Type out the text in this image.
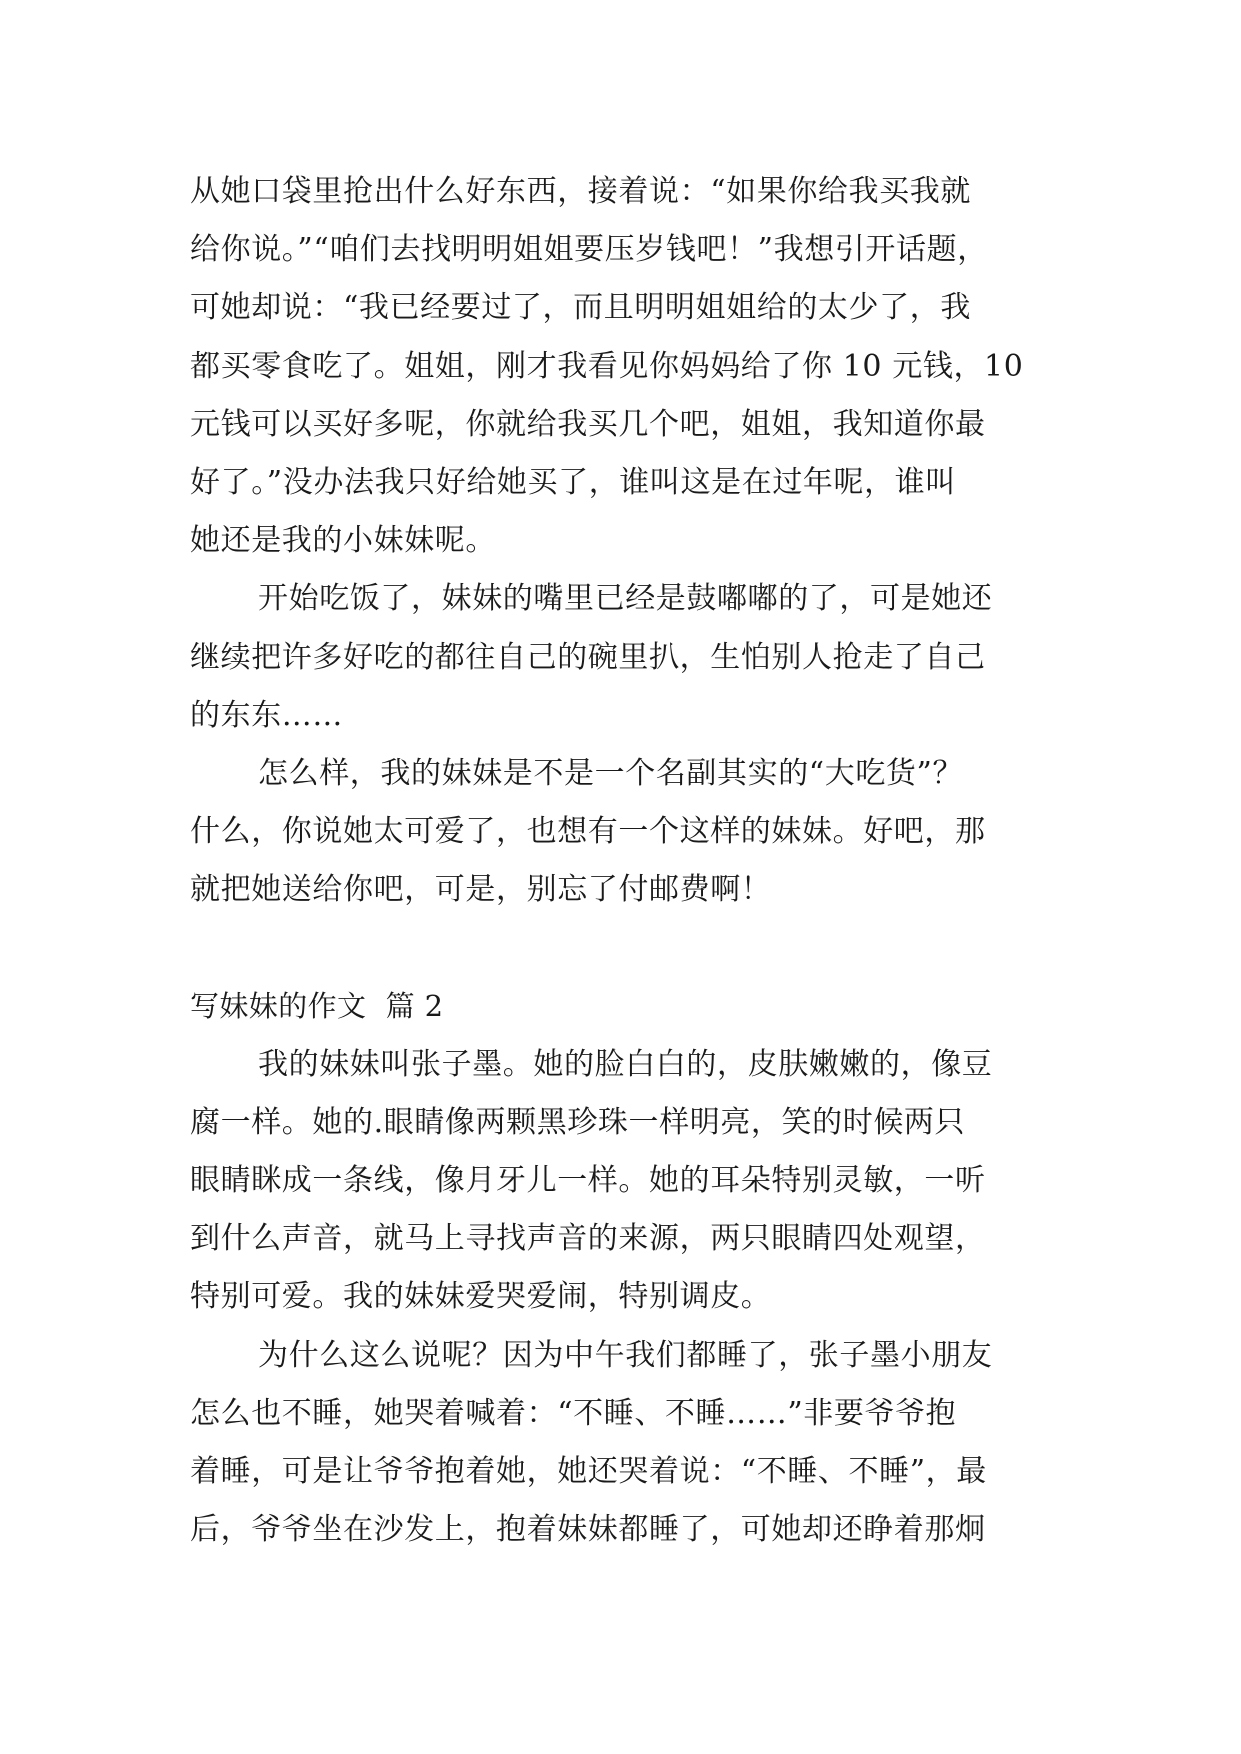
从她口袋里抢出什么好东西，接着说：“如果你给我买我就
给你说。”“咱们去找明明姐姐要压岁钱吧！”我想引开话题，
可她却说：“我已经要过了，而且明明姐姐给的太少了，我
都买零食吃了。姐姐，刚才我看见你妈妈给了你 10 元钱，10
元钱可以买好多呢，你就给我买几个吧，姐姐，我知道你最
好了。”没办法我只好给她买了，谁叫这是在过年呢，谁叫
她还是我的小妹妹呢。
开始吃饭了，妹妹的嘴里已经是鼓嘟嘟的了，可是她还
继续把许多好吃的都往自己的碗里扒，生怕别人抢走了自己
的东东……
怎么样，我的妹妹是不是一个名副其实的“大吃货”？
什么，你说她太可爱了，也想有一个这样的妹妹。好吧，那
就把她送给你吧，可是，别忘了付邮费啊！
写妹妹的作文  篇 2
我的妹妹叫张子墨。她的脸白白的，皮肤嫩嫩的，像豆
腐一样。她的.眼睛像两颗黑珍珠一样明亮，笑的时候两只
眼睛眯成一条线，像月牙儿一样。她的耳朵特别灵敏，一听
到什么声音，就马上寻找声音的来源，两只眼睛四处观望，
特别可爱。我的妹妹爱哭爱闹，特别调皮。
为什么这么说呢？因为中午我们都睡了，张子墨小朋友
怎么也不睡，她哭着喊着：“不睡、不睡……”非要爷爷抱
着睡，可是让爷爷抱着她，她还哭着说：“不睡、不睡”，最
后，爷爷坐在沙发上，抱着妹妹都睡了，可她却还睁着那炯
